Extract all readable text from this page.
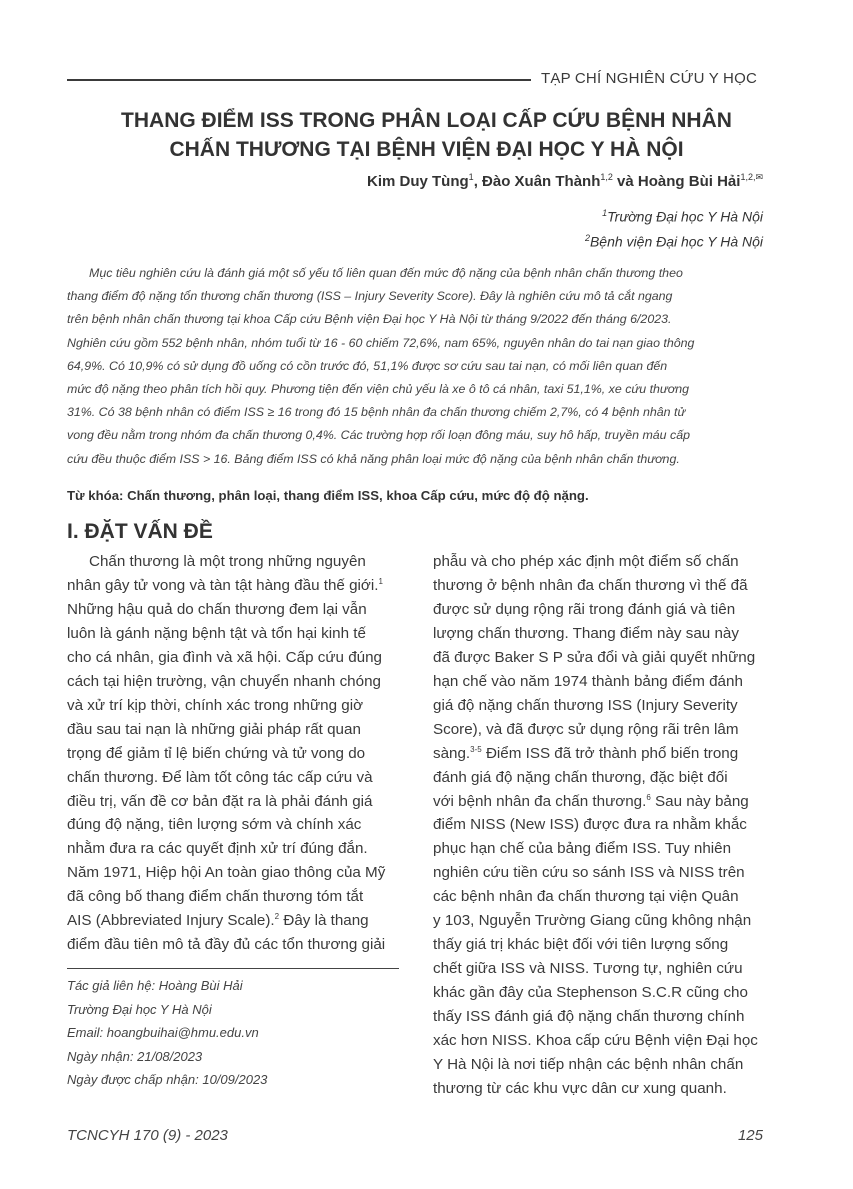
TẠP CHÍ NGHIÊN CỨU Y HỌC
THANG ĐIỂM ISS TRONG PHÂN LOẠI CẤP CỨU BỆNH NHÂN
CHẤN THƯƠNG TẠI BỆNH VIỆN ĐẠI HỌC Y HÀ NỘI
Kim Duy Tùng$^1$, Đào Xuân Thành$^{1,2}$ và Hoàng Bùi Hải$^{1,2,✉}$
$^1$Trường Đại học Y Hà Nội
$^2$Bệnh viện Đại học Y Hà Nội
Mục tiêu nghiên cứu là đánh giá một số yếu tố liên quan đến mức độ nặng của bệnh nhân chấn thương theo
thang điểm độ nặng tổn thương chấn thương (ISS – Injury Severity Score). Đây là nghiên cứu mô tả cắt ngang
trên bệnh nhân chấn thương tại khoa Cấp cứu Bệnh viện Đại học Y Hà Nội từ tháng 9/2022 đến tháng 6/2023.
Nghiên cứu gồm 552 bệnh nhân, nhóm tuổi từ 16 - 60 chiếm 72,6%, nam 65%, nguyên nhân do tai nạn giao thông
64,9%. Có 10,9% có sử dụng đồ uống có cồn trước đó, 51,1% được sơ cứu sau tai nạn, có mối liên quan đến
mức độ nặng theo phân tích hồi quy. Phương tiện đến viện chủ yếu là xe ô tô cá nhân, taxi 51,1%, xe cứu thương
31%. Có 38 bệnh nhân có điểm ISS ≥ 16 trong đó 15 bệnh nhân đa chấn thương chiếm 2,7%, có 4 bệnh nhân tử
vong đều nằm trong nhóm đa chấn thương 0,4%. Các trường hợp rối loạn đông máu, suy hô hấp, truyền máu cấp
cứu đều thuộc điểm ISS > 16. Bảng điểm ISS có khả năng phân loại mức độ nặng của bệnh nhân chấn thương.
Từ khóa: Chấn thương, phân loại, thang điểm ISS, khoa Cấp cứu, mức độ độ nặng.
I. ĐẶT VẤN ĐỀ
Chấn thương là một trong những nguyên
nhân gây tử vong và tàn tật hàng đầu thế giới.$^1$
Những hậu quả do chấn thương đem lại vẫn
luôn là gánh nặng bệnh tật và tổn hại kinh tế
cho cá nhân, gia đình và xã hội. Cấp cứu đúng
cách tại hiện trường, vận chuyển nhanh chóng
và xử trí kịp thời, chính xác trong những giờ
đầu sau tai nạn là những giải pháp rất quan
trọng để giảm tỉ lệ biến chứng và tử vong do
chấn thương. Để làm tốt công tác cấp cứu và
điều trị, vấn đề cơ bản đặt ra là phải đánh giá
đúng độ nặng, tiên lượng sớm và chính xác
nhằm đưa ra các quyết định xử trí đúng đắn.
Năm 1971, Hiệp hội An toàn giao thông của Mỹ
đã công bố thang điểm chấn thương tóm tắt
AIS (Abbreviated Injury Scale).$^2$ Đây là thang
điểm đầu tiên mô tả đầy đủ các tổn thương giải
phẫu và cho phép xác định một điểm số chấn
thương ở bệnh nhân đa chấn thương vì thế đã
được sử dụng rộng rãi trong đánh giá và tiên
lượng chấn thương. Thang điểm này sau này
đã được Baker S P sửa đổi và giải quyết những
hạn chế vào năm 1974 thành bảng điểm đánh
giá độ nặng chấn thương ISS (Injury Severity
Score), và đã được sử dụng rộng rãi trên lâm
sàng.$^{3-5}$ Điểm ISS đã trở thành phổ biến trong
đánh giá độ nặng chấn thương, đặc biệt đối
với bệnh nhân đa chấn thương.$^6$ Sau này bảng
điểm NISS (New ISS) được đưa ra nhằm khắc
phục hạn chế của bảng điểm ISS. Tuy nhiên
nghiên cứu tiền cứu so sánh ISS và NISS trên
các bệnh nhân đa chấn thương tại viện Quân
y 103, Nguyễn Trường Giang cũng không nhận
thấy giá trị khác biệt đối với tiên lượng sống
chết giữa ISS và NISS. Tương tự, nghiên cứu
khác gần đây của Stephenson S.C.R cũng cho
thấy ISS đánh giá độ nặng chấn thương chính
xác hơn NISS. Khoa cấp cứu Bệnh viện Đại học
Y Hà Nội là nơi tiếp nhận các bệnh nhân chấn
thương từ các khu vực dân cư xung quanh.
Tác giả liên hệ: Hoàng Bùi Hải
Trường Đại học Y Hà Nội
Email: hoangbuihai@hmu.edu.vn
Ngày nhận: 21/08/2023
Ngày được chấp nhận: 10/09/2023
TCNCYH 170 (9) - 2023	125
